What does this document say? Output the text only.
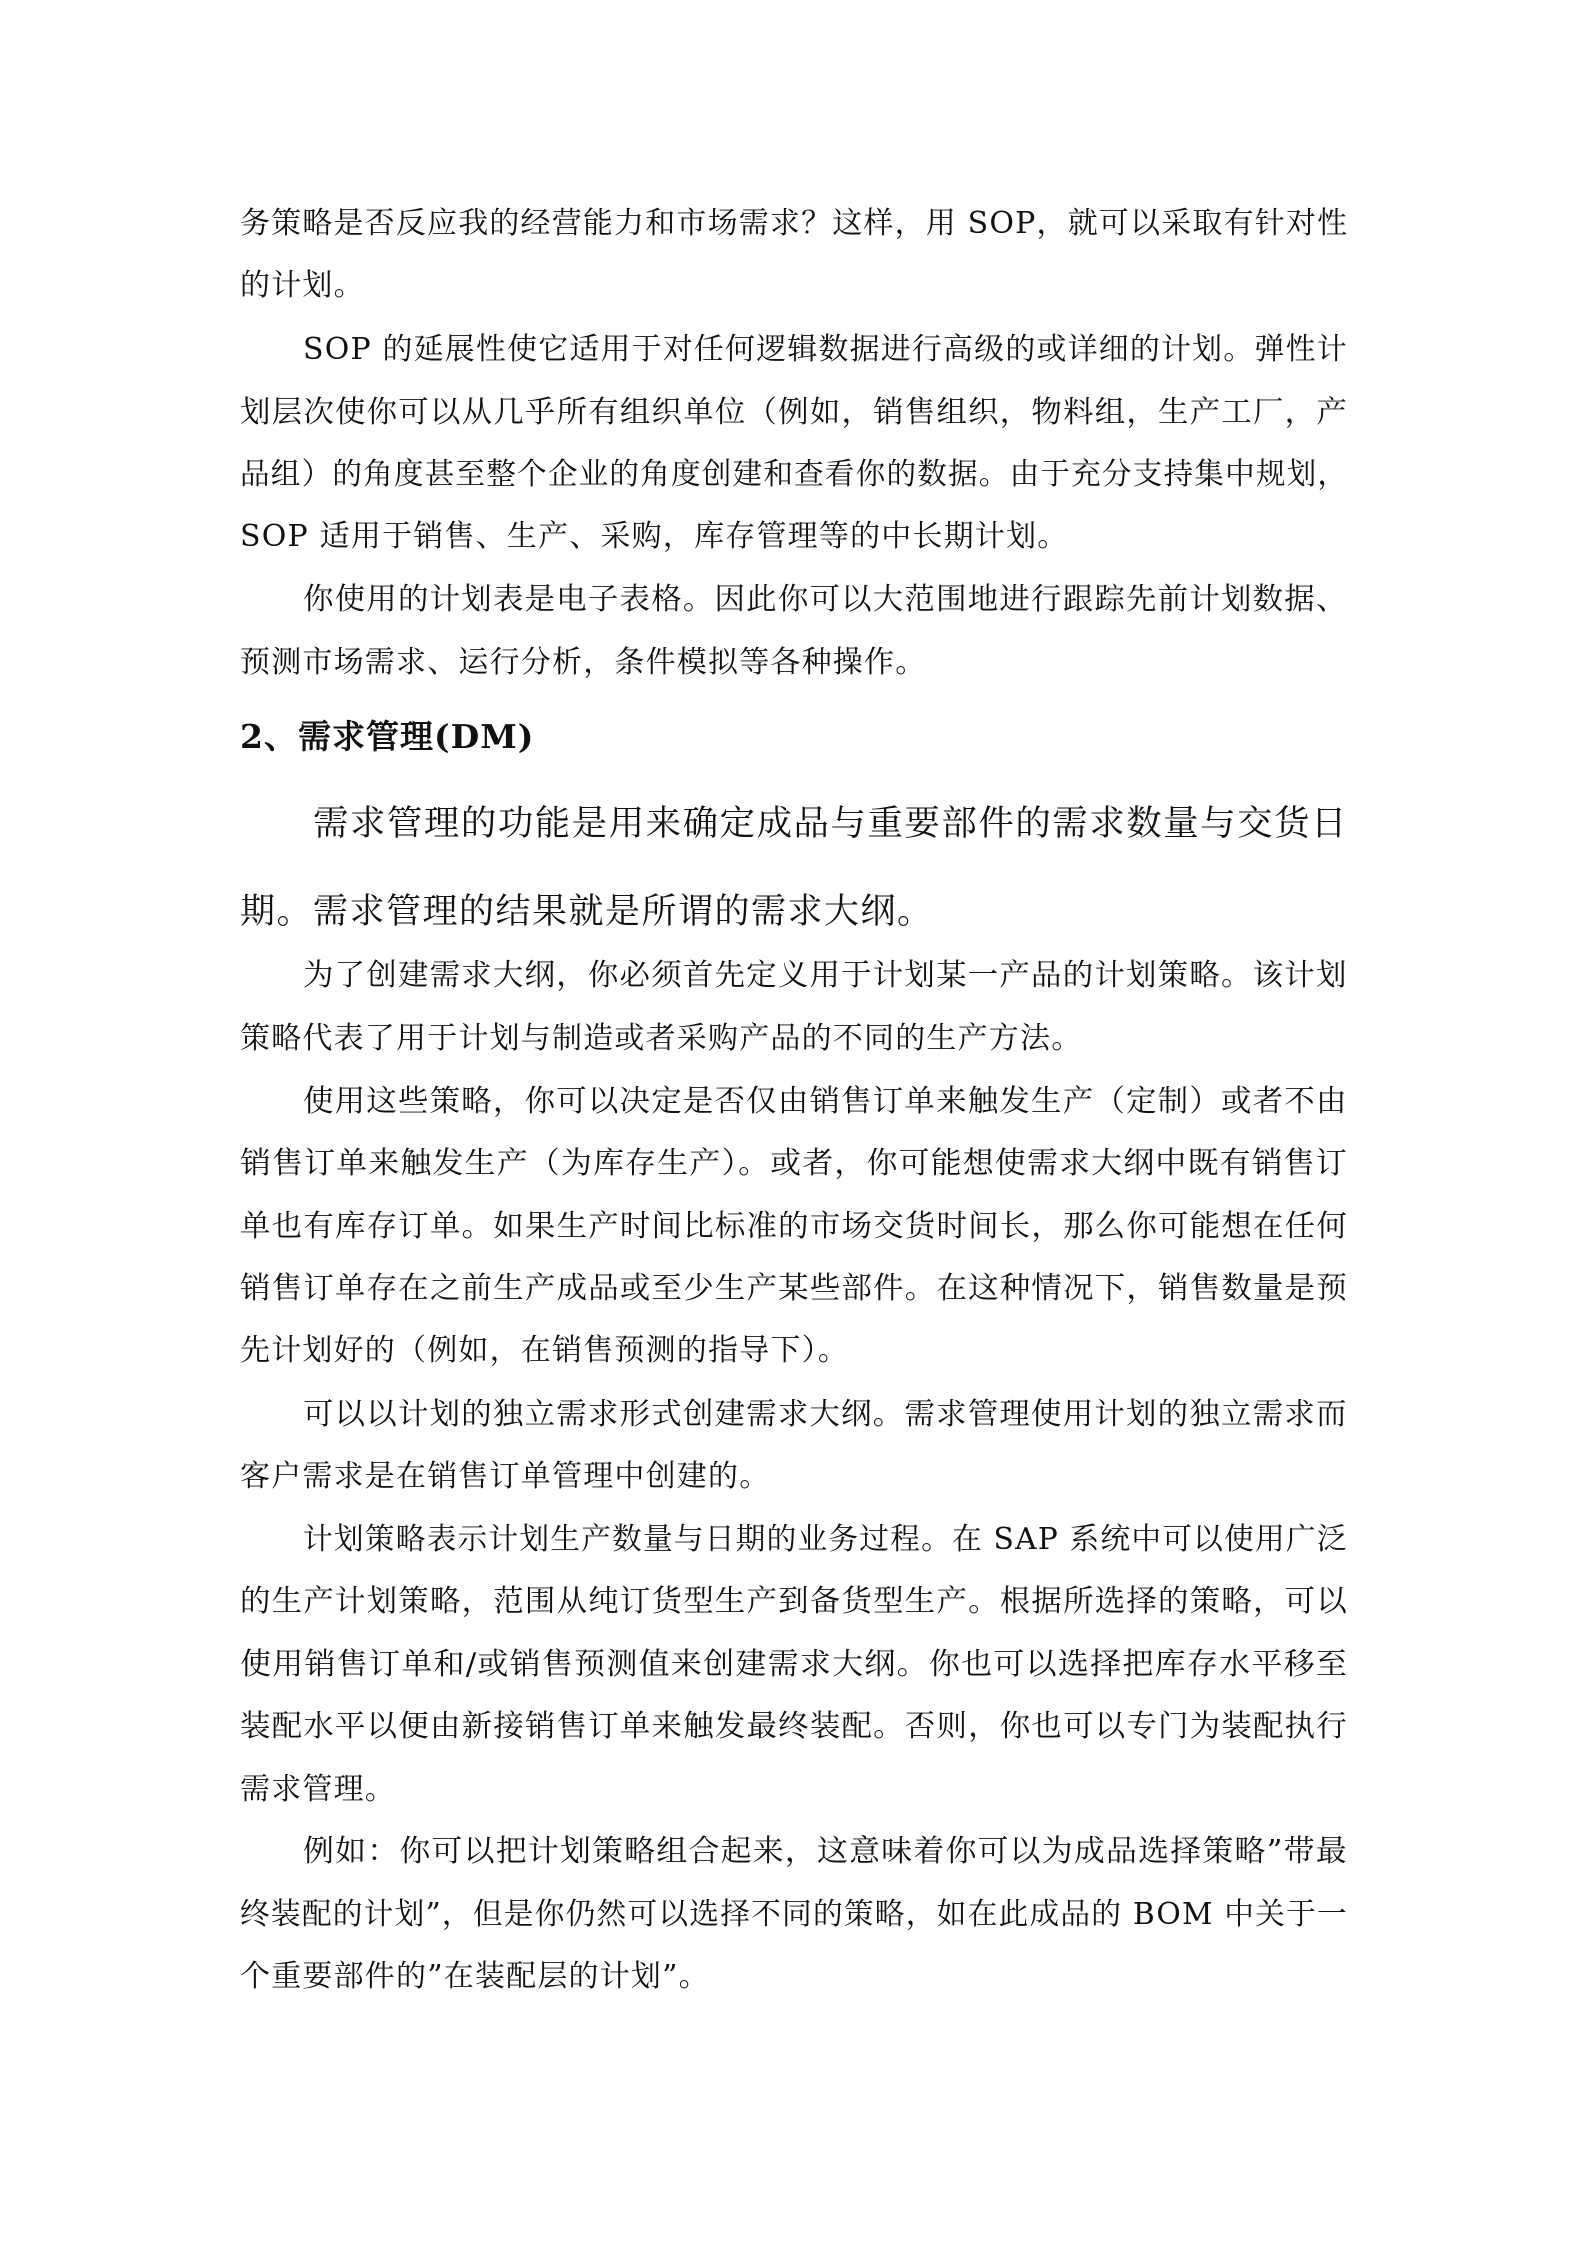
务策略是否反应我的经营能力和市场需求？这样，用 SOP，就可以采取有针对性
的计划。
SOP 的延展性使它适用于对任何逻辑数据进行高级的或详细的计划。弹性计
划层次使你可以从几乎所有组织单位（例如，销售组织，物料组，生产工厂，产
品组）的角度甚至整个企业的角度创建和查看你的数据。由于充分支持集中规划，
SOP 适用于销售、生产、采购，库存管理等的中长期计划。
你使用的计划表是电子表格。因此你可以大范围地进行跟踪先前计划数据、
预测市场需求、运行分析，条件模拟等各种操作。
2、需求管理(DM)
需求管理的功能是用来确定成品与重要部件的需求数量与交货日
期。需求管理的结果就是所谓的需求大纲。
为了创建需求大纲，你必须首先定义用于计划某一产品的计划策略。该计划
策略代表了用于计划与制造或者采购产品的不同的生产方法。
使用这些策略，你可以决定是否仅由销售订单来触发生产（定制）或者不由
销售订单来触发生产（为库存生产）。或者，你可能想使需求大纲中既有销售订
单也有库存订单。如果生产时间比标准的市场交货时间长，那么你可能想在任何
销售订单存在之前生产成品或至少生产某些部件。在这种情况下，销售数量是预
先计划好的（例如，在销售预测的指导下）。
可以以计划的独立需求形式创建需求大纲。需求管理使用计划的独立需求而
客户需求是在销售订单管理中创建的。
计划策略表示计划生产数量与日期的业务过程。在 SAP 系统中可以使用广泛
的生产计划策略，范围从纯订货型生产到备货型生产。根据所选择的策略，可以
使用销售订单和/或销售预测值来创建需求大纲。你也可以选择把库存水平移至
装配水平以便由新接销售订单来触发最终装配。否则，你也可以专门为装配执行
需求管理。
例如：你可以把计划策略组合起来，这意味着你可以为成品选择策略”带最
终装配的计划”，但是你仍然可以选择不同的策略，如在此成品的 BOM 中关于一
个重要部件的”在装配层的计划”。
